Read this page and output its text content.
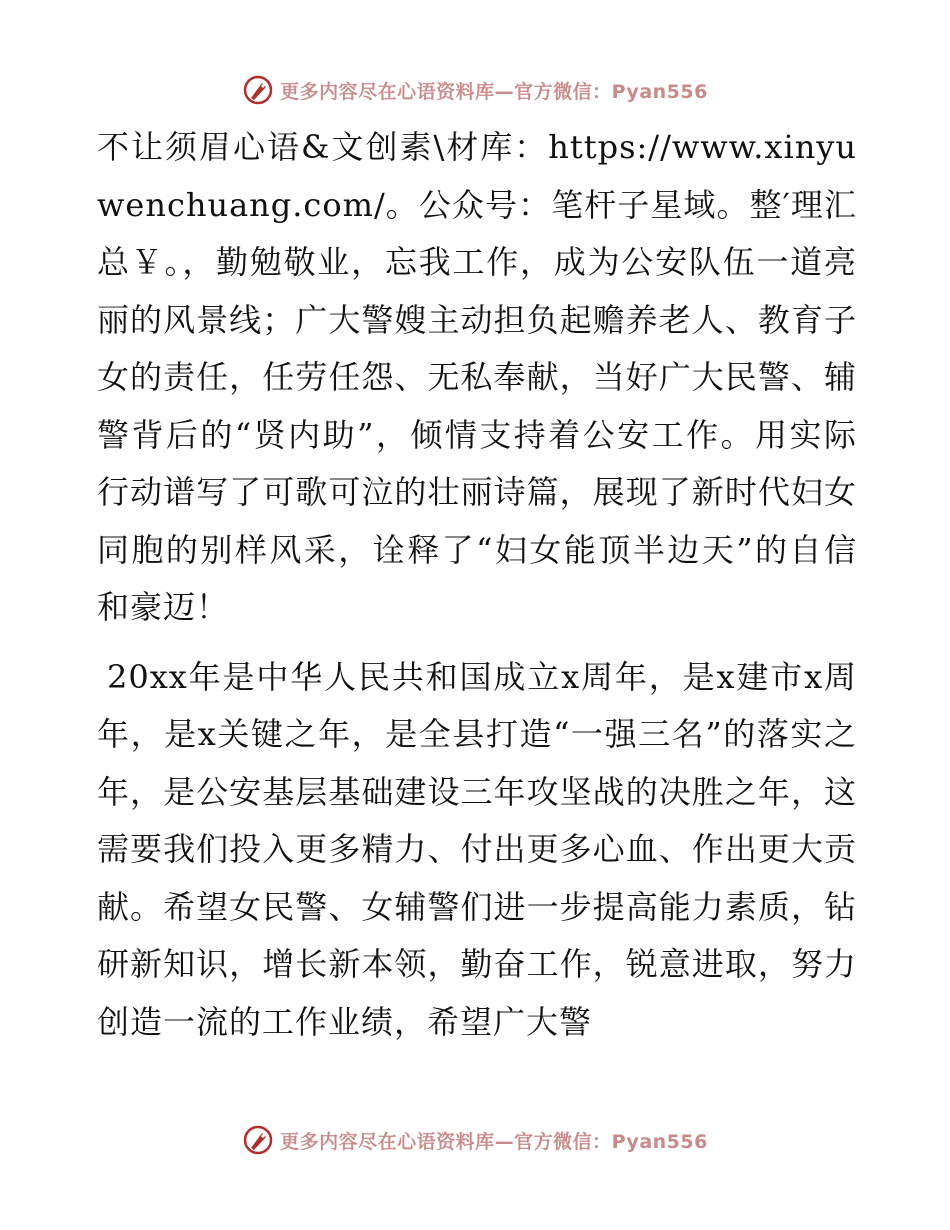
更多内容尽在心语资料库—官方微信：Pyan556

不让须眉心语&文创素\材库：https://www.xinyuwenchuang.com/。公众号：笔杆子星域。整′理汇总￥。，勤勉敬业，忘我工作，成为公安队伍一道亮丽的风景线；广大警嫂主动担负起赡养老人、教育子女的责任，任劳任怨、无私奉献，当好广大民警、辅警背后的“贤内助”，倾情支持着公安工作。用实际行动谱写了可歌可泣的壮丽诗篇，展现了新时代妇女同胞的别样风采，诠释了“妇女能顶半边天”的自信和豪迈！

20xx年是中华人民共和国成立x周年，是x建市x周年，是x关键之年，是全县打造“一强三名”的落实之年，是公安基层基础建设三年攻坚战的决胜之年，这需要我们投入更多精力、付出更多心血、作出更大贡献。希望女民警、女辅警们进一步提高能力素质，钻研新知识，增长新本领，勤奋工作，锐意进取，努力创造一流的工作业绩，希望广大警

更多内容尽在心语资料库—官方微信：Pyan556
